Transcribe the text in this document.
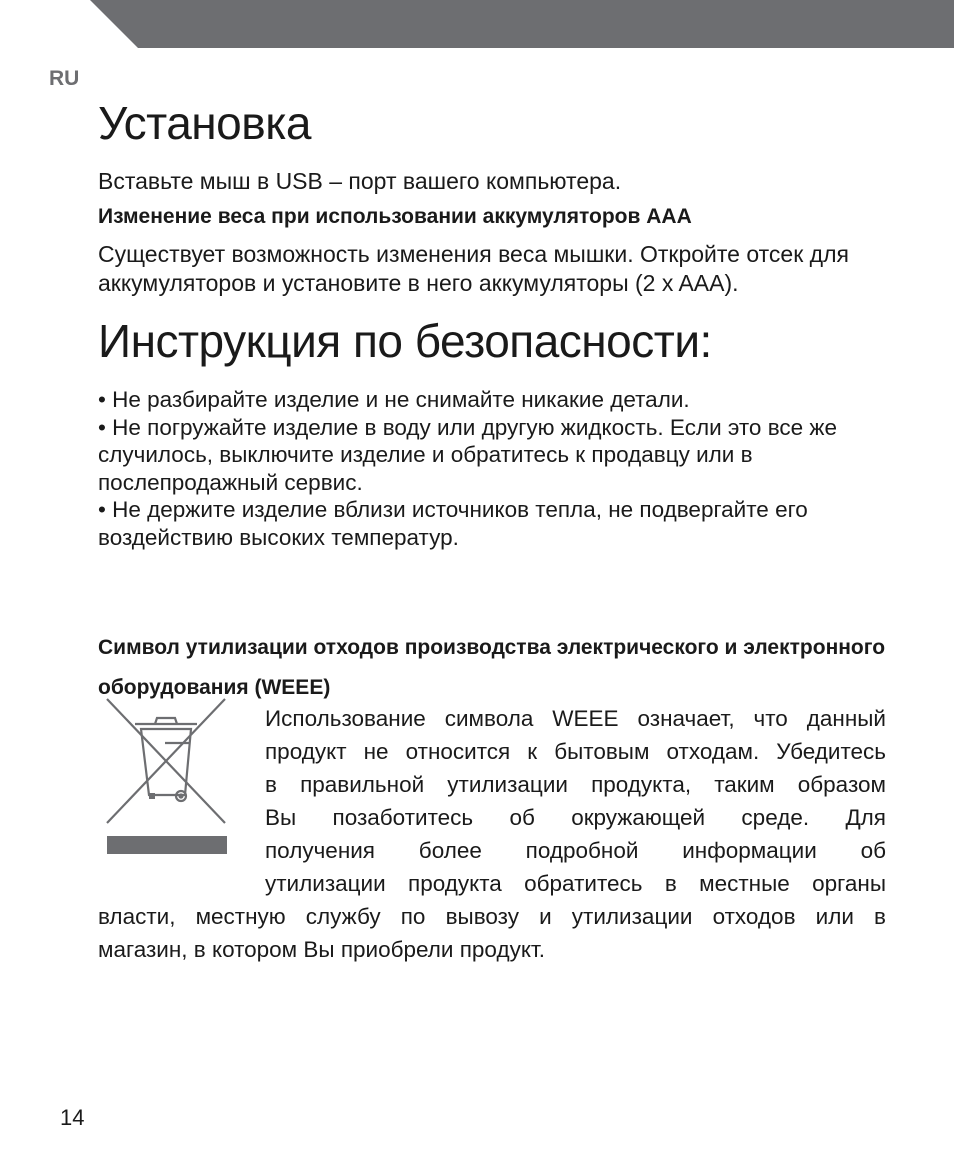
RU
Установка
Вставьте мыш в USB – порт вашего компьютера.
Изменение веса при использовании аккумуляторов AAA
Существует возможность изменения веса мышки. Откройте отсек для аккумуляторов и установите в него аккумуляторы (2 x AAA).
Инструкция по безопасности:
• Не разбирайте изделие и не снимайте никакие детали.
• Не погружайте изделие в воду или другую жидкость. Если это все же случилось, выключите изделие и обратитесь к продавцу или в послепродажный сервис.
• Не держите изделие вблизи источников тепла, не подвергайте его воздействию высоких температур.
Символ утилизации отходов производства электрического и электронного оборудования (WEEE)
Использование символа WEEE означает, что данный
продукт не относится к бытовым отходам. Убедитесь
в правильной утилизации продукта, таким образом
Вы позаботитесь об окружающей среде. Для
получения более подробной информации об
утилизации продукта обратитесь в местные органы
власти, местную службу по вывозу и утилизации отходов или в
магазин, в котором Вы приобрели продукт.
14
